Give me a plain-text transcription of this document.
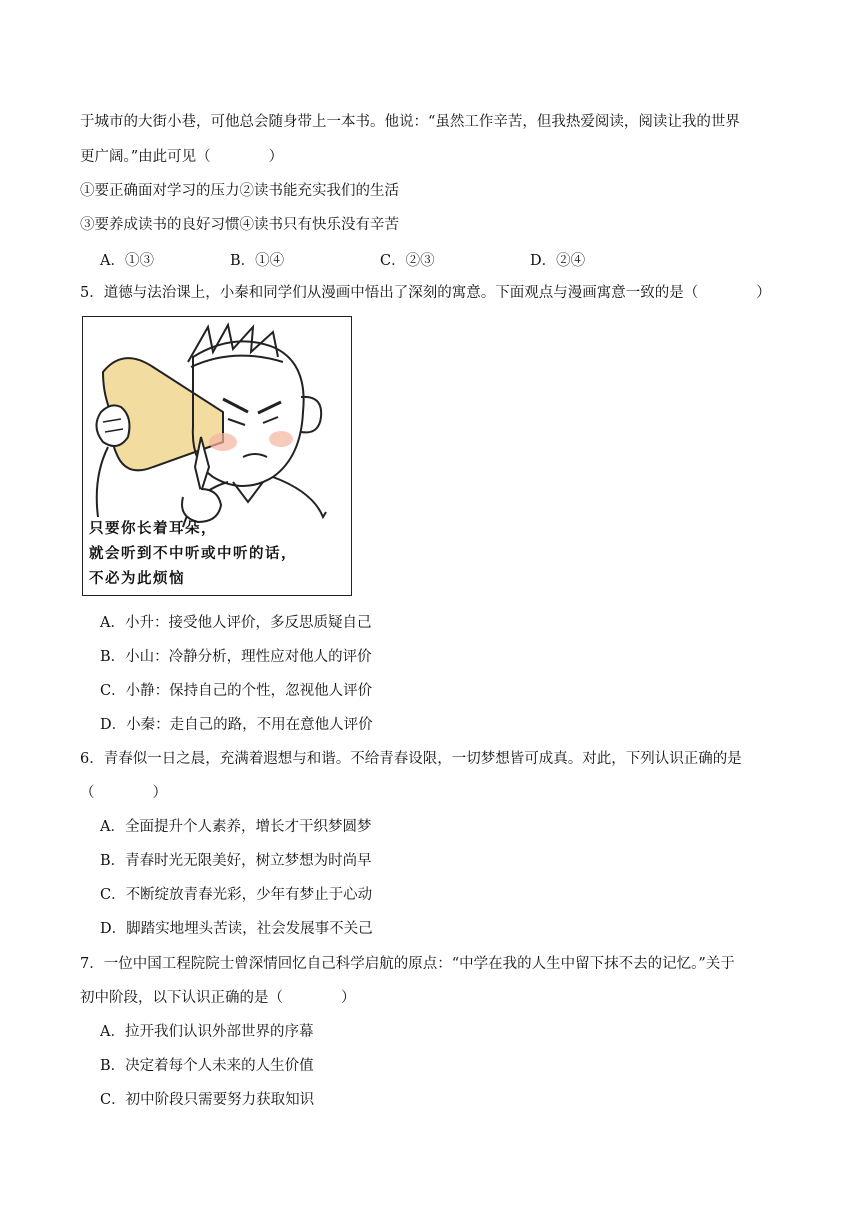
于城市的大街小巷，可他总会随身带上一本书。他说：“虽然工作辛苦，但我热爱阅读，阅读让我的世界
更广阔。”由此可见（　　　　）
①要正确面对学习的压力②读书能充实我们的生活
③要养成读书的良好习惯④读书只有快乐没有辛苦
A．①③	B．①④	C．②③	D．②④
5．道德与法治课上，小秦和同学们从漫画中悟出了深刻的寓意。下面观点与漫画寓意一致的是（　　　　）
只要你长着耳朵，
就会听到不中听或中听的话，
不必为此烦恼
A．小升：接受他人评价，多反思质疑自己
B．小山：冷静分析，理性应对他人的评价
C．小静：保持自己的个性，忽视他人评价
D．小秦：走自己的路，不用在意他人评价
6．青春似一日之晨，充满着遐想与和谐。不给青春设限，一切梦想皆可成真。对此，下列认识正确的是
（　　　　）
A．全面提升个人素养，增长才干织梦圆梦
B．青春时光无限美好，树立梦想为时尚早
C．不断绽放青春光彩，少年有梦止于心动
D．脚踏实地埋头苦读，社会发展事不关己
7．一位中国工程院院士曾深情回忆自己科学启航的原点：“中学在我的人生中留下抹不去的记忆。”关于
初中阶段，以下认识正确的是（　　　　）
A．拉开我们认识外部世界的序幕
B．决定着每个人未来的人生价值
C．初中阶段只需要努力获取知识
